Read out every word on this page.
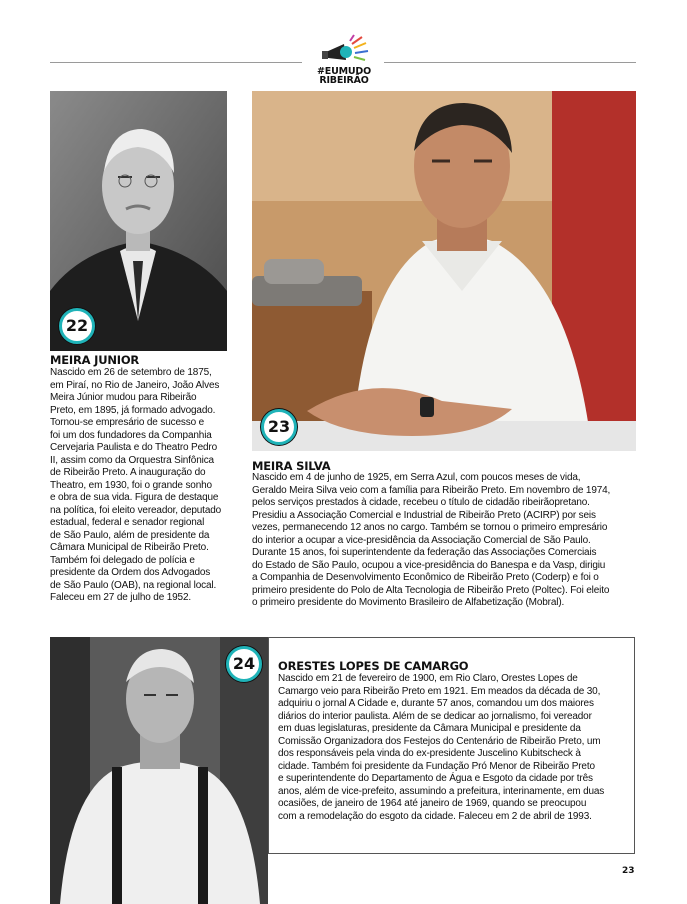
#EUMUDO
RIBEIRÃO
22
MEIRA JUNIOR
Nascido em 26 de setembro de 1875,
em Piraí, no Rio de Janeiro, João Alves
Meira Júnior mudou para Ribeirão
Preto, em 1895, já formado advogado.
Tornou-se empresário de sucesso e
foi um dos fundadores da Companhia
Cervejaria Paulista e do Theatro Pedro
II, assim como da Orquestra Sinfônica
de Ribeirão Preto. A inauguração do
Theatro, em 1930, foi o grande sonho
e obra de sua vida. Figura de destaque
na política, foi eleito vereador, deputado
estadual, federal e senador regional
de São Paulo, além de presidente da
Câmara Municipal de Ribeirão Preto.
Também foi delegado de polícia e
presidente da Ordem dos Advogados
de São Paulo (OAB), na regional local.
Faleceu em 27 de julho de 1952.
23
MEIRA SILVA
Nascido em 4 de junho de 1925, em Serra Azul, com poucos meses de vida,
Geraldo Meira Silva veio com a família para Ribeirão Preto. Em novembro de 1974,
pelos serviços prestados à cidade, recebeu o título de cidadão ribeirãopretano.
Presidiu a Associação Comercial e Industrial de Ribeirão Preto (ACIRP) por seis
vezes, permanecendo 12 anos no cargo. Também se tornou o primeiro empresário
do interior a ocupar a vice-presidência da Associação Comercial de São Paulo.
Durante 15 anos, foi superintendente da federação das Associações Comerciais
do Estado de São Paulo, ocupou a vice-presidência do Banespa e da Vasp, dirigiu
a Companhia de Desenvolvimento Econômico de Ribeirão Preto (Coderp) e foi o
primeiro presidente do Polo de Alta Tecnologia de Ribeirão Preto (Poltec). Foi eleito
o primeiro presidente do Movimento Brasileiro de Alfabetização (Mobral).
24	ORESTES LOPES DE CAMARGO
Nascido em 21 de fevereiro de 1900, em Rio Claro, Orestes Lopes de
Camargo veio para Ribeirão Preto em 1921. Em meados da década de 30,
adquiriu o jornal A Cidade e, durante 57 anos, comandou um dos maiores
diários do interior paulista. Além de se dedicar ao jornalismo, foi vereador
em duas legislaturas, presidente da Câmara Municipal e presidente da
Comissão Organizadora dos Festejos do Centenário de Ribeirão Preto, um
dos responsáveis pela vinda do ex-presidente Juscelino Kubitscheck à
cidade. Também foi presidente da Fundação Pró Menor de Ribeirão Preto
e superintendente do Departamento de Água e Esgoto da cidade por três
anos, além de vice-prefeito, assumindo a prefeitura, interinamente, em duas
ocasiões, de janeiro de 1964 até janeiro de 1969, quando se preocupou
com a remodelação do esgoto da cidade. Faleceu em 2 de abril de 1993.
23
